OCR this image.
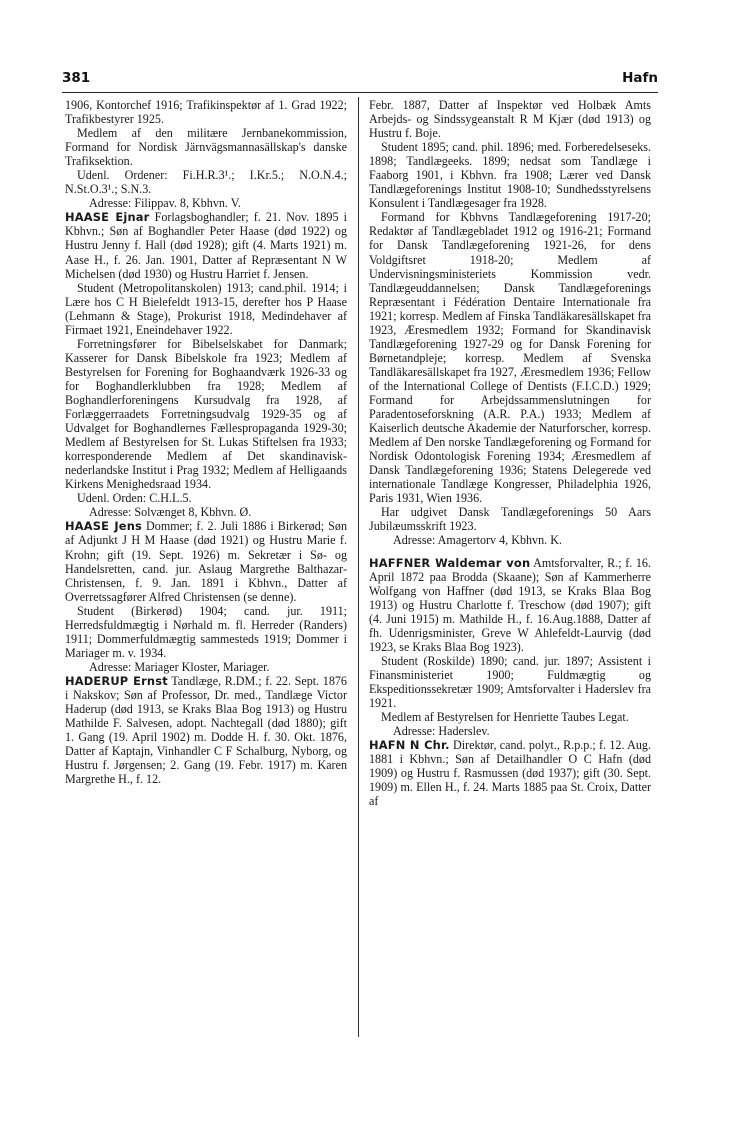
381	Hafn

1906, Kontorchef 1916; Trafikinspektør af 1. Grad 1922; Trafikbestyrer 1925.

Medlem af den militære Jernbanekommission, Formand for Nordisk Järnvägsmannasällskap's danske Trafiksektion.

Udenl. Ordener: Fi.H.R.3¹.; I.Kr.5.; N.O.N.4.; N.St.O.3¹.; S.N.3.

Adresse: Filippav. 8, Kbhvn. V.

HAASE Ejnar Forlagsboghandler; f. 21. Nov. 1895 i Kbhvn.; Søn af Boghandler Peter Haase (død 1922) og Hustru Jenny f. Hall (død 1928); gift (4. Marts 1921) m. Aase H., f. 26. Jan. 1901, Datter af Repræsentant N W Michelsen (død 1930) og Hustru Harriet f. Jensen.

Student (Metropolitanskolen) 1913; cand.phil. 1914; i Lære hos C H Bielefeldt 1913-15, derefter hos P Haase (Lehmann & Stage), Prokurist 1918, Medindehaver af Firmaet 1921, Eneindehaver 1922.

Forretningsfører for Bibelselskabet for Danmark; Kasserer for Dansk Bibelskole fra 1923; Medlem af Bestyrelsen for Forening for Boghaandværk 1926-33 og for Boghandlerklubben fra 1928; Medlem af Boghandlerforeningens Kursudvalg fra 1928, af Forlæggerraadets Forretningsudvalg 1929-35 og af Udvalget for Boghandlernes Fællespropaganda 1929-30; Medlem af Bestyrelsen for St. Lukas Stiftelsen fra 1933; korresponderende Medlem af Det skandinavisk-nederlandske Institut i Prag 1932; Medlem af Helligaands Kirkens Menighedsraad 1934.

Udenl. Orden: C.H.L.5.

Adresse: Solvænget 8, Kbhvn. Ø.

HAASE Jens Dommer; f. 2. Juli 1886 i Birkerød; Søn af Adjunkt J H M Haase (død 1921) og Hustru Marie f. Krohn; gift (19. Sept. 1926) m. Sekretær i Sø- og Handelsretten, cand. jur. Aslaug Margrethe Balthazar-Christensen, f. 9. Jan. 1891 i Kbhvn., Datter af Overretssagfører Alfred Christensen (se denne).

Student (Birkerød) 1904; cand. jur. 1911; Herredsfuldmægtig i Nørhald m. fl. Herreder (Randers) 1911; Dommerfuldmægtig sammesteds 1919; Dommer i Mariager m. v. 1934.

Adresse: Mariager Kloster, Mariager.

HADERUP Ernst Tandlæge, R.DM.; f. 22. Sept. 1876 i Nakskov; Søn af Professor, Dr. med., Tandlæge Victor Haderup (død 1913, se Kraks Blaa Bog 1913) og Hustru Mathilde F. Salvesen, adopt. Nachtegall (død 1880); gift 1. Gang (19. April 1902) m. Dodde H. f. 30. Okt. 1876, Datter af Kaptajn, Vinhandler C F Schalburg, Nyborg, og Hustru f. Jørgensen; 2. Gang (19. Febr. 1917) m. Karen Margrethe H., f. 12.

Febr. 1887, Datter af Inspektør ved Holbæk Amts Arbejds- og Sindssygeanstalt R M Kjær (død 1913) og Hustru f. Boje.

Student 1895; cand. phil. 1896; med. Forberedelseseks. 1898; Tandlægeeks. 1899; nedsat som Tandlæge i Faaborg 1901, i Kbhvn. fra 1908; Lærer ved Dansk Tandlægeforenings Institut 1908-10; Sundhedsstyrelsens Konsulent i Tandlægesager fra 1928.

Formand for Kbhvns Tandlægeforening 1917-20; Redaktør af Tandlægebladet 1912 og 1916-21; Formand for Dansk Tandlægeforening 1921-26, for dens Voldgiftsret 1918-20; Medlem af Undervisningsministeriets Kommission vedr. Tandlægeuddannelsen; Dansk Tandlægeforenings Repræsentant i Fédération Dentaire Internationale fra 1921; korresp. Medlem af Finska Tandläkaresällskapet fra 1923, Æresmedlem 1932; Formand for Skandinavisk Tandlægeforening 1927-29 og for Dansk Forening for Børnetandpleje; korresp. Medlem af Svenska Tandläkaresällskapet fra 1927, Æresmedlem 1936; Fellow of the International College of Dentists (F.I.C.D.) 1929; Formand for Arbejdssammenslutningen for Paradentoseforskning (A.R. P.A.) 1933; Medlem af Kaiserlich deutsche Akademie der Naturforscher, korresp. Medlem af Den norske Tandlægeforening og Formand for Nordisk Odontologisk Forening 1934; Æresmedlem af Dansk Tandlægeforening 1936; Statens Delegerede ved internationale Tandlæge Kongresser, Philadelphia 1926, Paris 1931, Wien 1936.

Har udgivet Dansk Tandlægeforenings 50 Aars Jubilæumsskrift 1923.

Adresse: Amagertorv 4, Kbhvn. K.

HAFFNER Waldemar von Amtsforvalter, R.; f. 16. April 1872 paa Brodda (Skaane); Søn af Kammerherre Wolfgang von Haffner (død 1913, se Kraks Blaa Bog 1913) og Hustru Charlotte f. Treschow (død 1907); gift (4. Juni 1915) m. Mathilde H., f. 16.Aug.1888, Datter af fh. Udenrigsminister, Greve W Ahlefeldt-Laurvig (død 1923, se Kraks Blaa Bog 1923).

Student (Roskilde) 1890; cand. jur. 1897; Assistent i Finansministeriet 1900; Fuldmægtig og Ekspeditionssekretær 1909; Amtsforvalter i Haderslev fra 1921.

Medlem af Bestyrelsen for Henriette Taubes Legat.

Adresse: Haderslev.

HAFN N Chr. Direktør, cand. polyt., R.p.p.; f. 12. Aug. 1881 i Kbhvn.; Søn af Detailhandler O C Hafn (død 1909) og Hustru f. Rasmussen (død 1937); gift (30. Sept. 1909) m. Ellen H., f. 24. Marts 1885 paa St. Croix, Datter af
